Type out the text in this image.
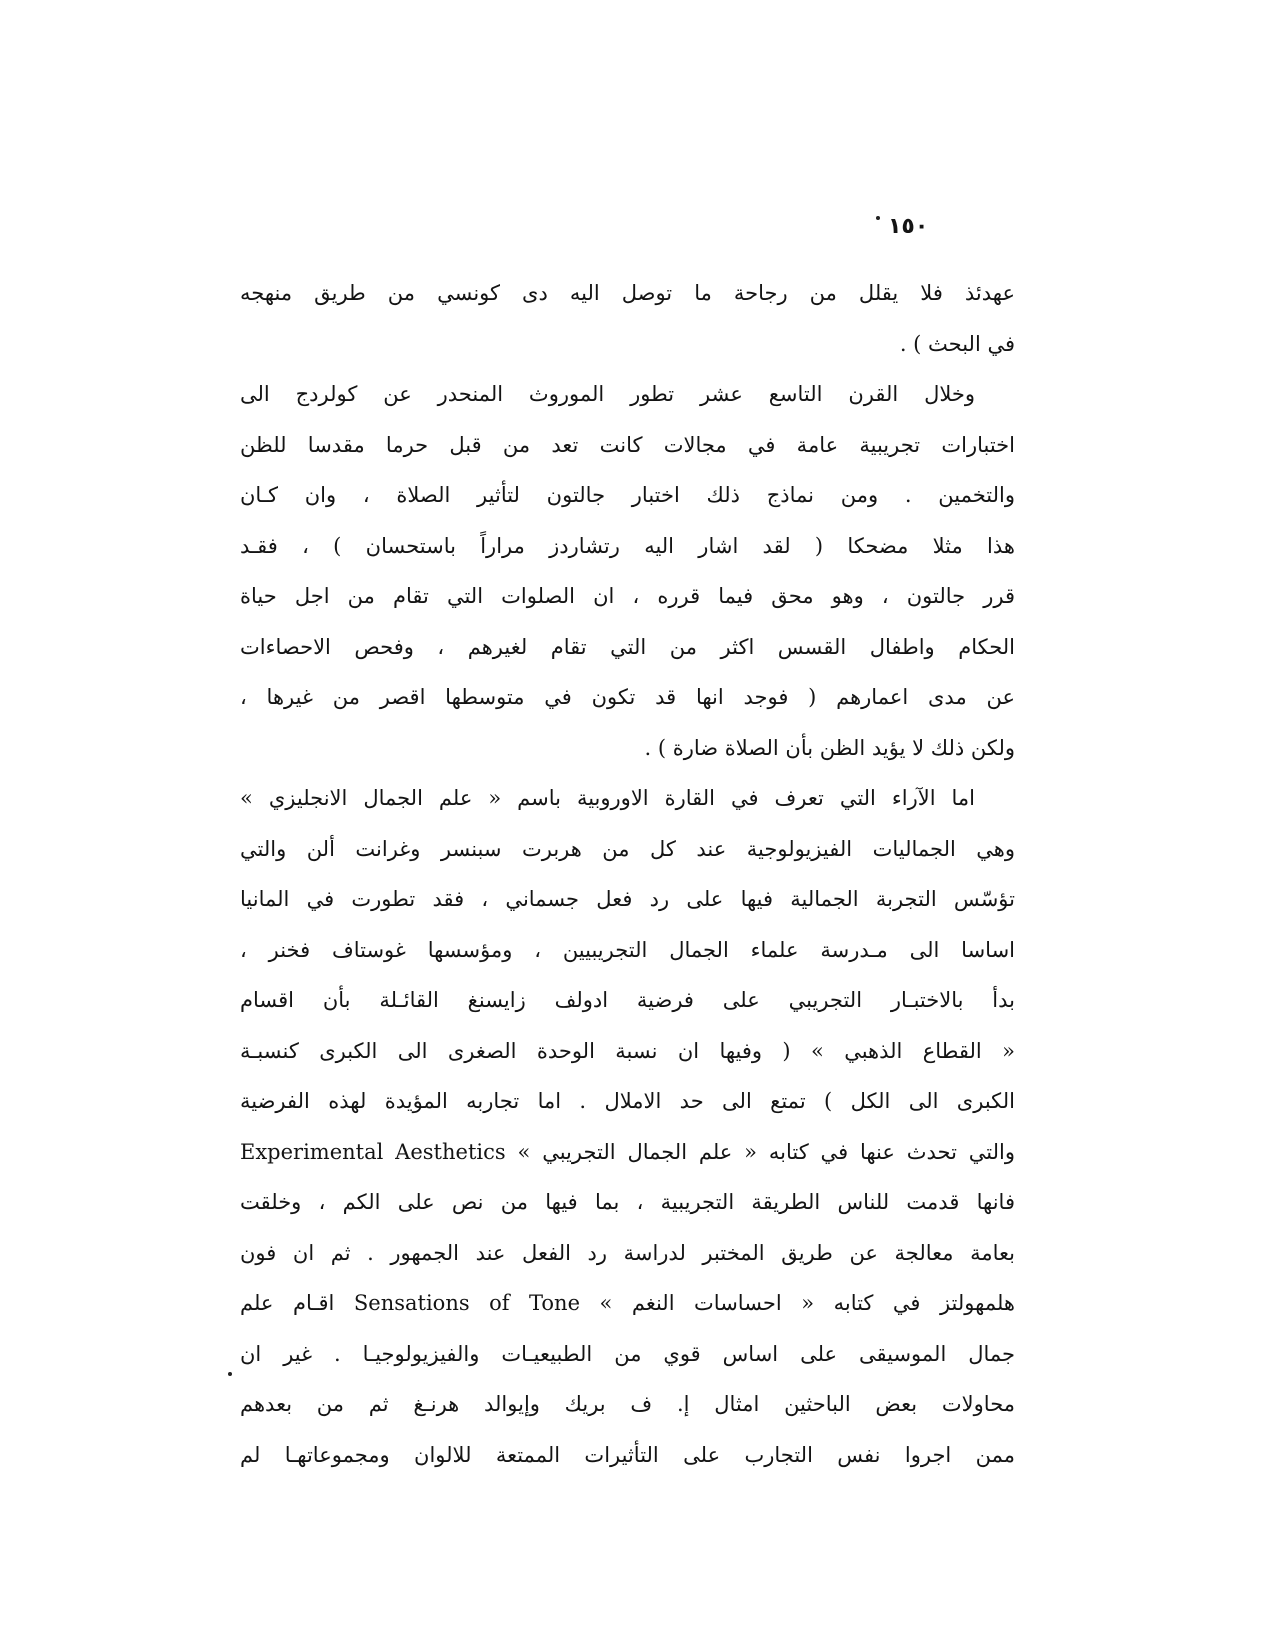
١٥٠
عهدئذ فلا يقلل من رجاحة ما توصل اليه دى كونسي من طريق منهجه
في البحث ) .
وخلال القرن التاسع عشر تطور الموروث المنحدر عن كولردج الى
اختبارات تجريبية عامة في مجالات كانت تعد من قبل حرما مقدسا للظن
والتخمين . ومن نماذج ذلك اختبار جالتون لتأثير الصلاة ، وان كـان
هذا مثلا مضحكا ( لقد اشار اليه رتشاردز مراراً باستحسان ) ، فقـد
قرر جالتون ، وهو محق فيما قرره ، ان الصلوات التي تقام من اجل حياة
الحكام واطفال القسس اكثر من التي تقام لغيرهم ، وفحص الاحصاءات
عن مدى اعمارهم ( فوجد انها قد تكون في متوسطها اقصر من غيرها ،
ولكن ذلك لا يؤيد الظن بأن الصلاة ضارة ) .
اما الآراء التي تعرف في القارة الاوروبية باسم « علم الجمال الانجليزي »
وهي الجماليات الفيزيولوجية عند كل من هربرت سبنسر وغرانت ألن والتي
تؤسّس التجربة الجمالية فيها على رد فعل جسماني ، فقد تطورت في المانيا
اساسا الى مـدرسة علماء الجمال التجريبيين ، ومؤسسها غوستاف فخنر ،
بدأ بالاختبـار التجريبي على فرضية ادولف زايسنغ القائـلة بأن اقسام
« القطاع الذهبي » ( وفيها ان نسبة الوحدة الصغرى الى الكبرى كنسبـة
الكبرى الى الكل ) تمتع الى حد الاملال . اما تجاربه المؤيدة لهذه الفرضية
والتي تحدث عنها في كتابه « علم الجمال التجريبي » Experimental Aesthetics
فانها قدمت للناس الطريقة التجريبية ، بما فيها من نص على الكم ، وخلقت
بعامة معالجة عن طريق المختبر لدراسة رد الفعل عند الجمهور . ثم ان فون
هلمهولتز في كتابه « احساسات النغم » Sensations of Tone اقـام علم
جمال الموسيقى على اساس قوي من الطبيعيـات والفيزيولوجيـا . غير ان
محاولات بعض الباحثين امثال إ. ف بريك وإيوالد هرنـغ ثم من بعدهم
ممن اجروا نفس التجارب على التأثيرات الممتعة للالوان ومجموعاتهـا لم
